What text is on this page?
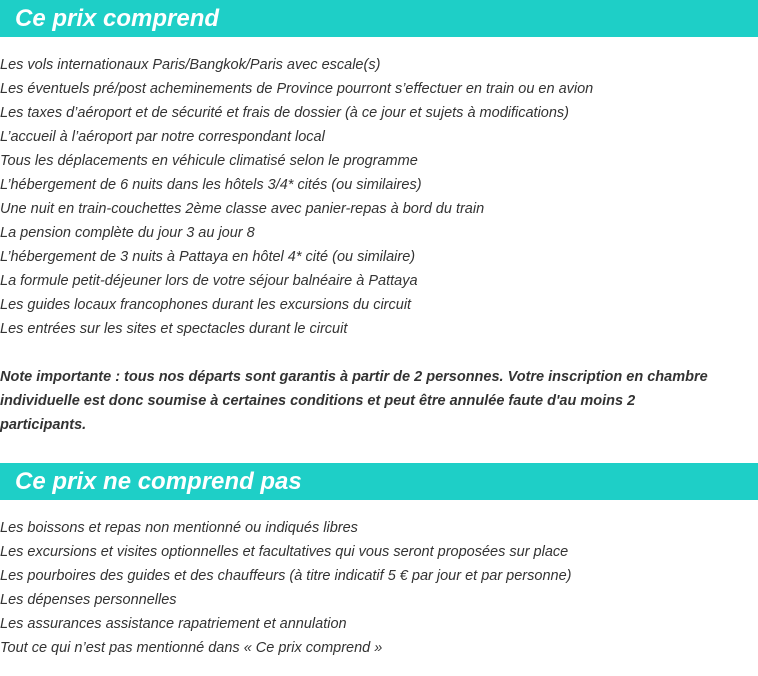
Ce prix comprend
Les vols internationaux Paris/Bangkok/Paris avec escale(s)
Les éventuels pré/post acheminements de Province pourront s’effectuer en train ou en avion
Les taxes d’aéroport et de sécurité et frais de dossier (à ce jour et sujets à modifications)
L’accueil à l’aéroport par notre correspondant local
Tous les déplacements en véhicule climatisé selon le programme
L’hébergement de 6 nuits dans les hôtels 3/4* cités (ou similaires)
Une nuit en train-couchettes 2ème classe avec panier-repas à bord du train
La pension complète du jour 3 au jour 8
L’hébergement de 3 nuits à Pattaya en hôtel 4* cité (ou similaire)
La formule petit-déjeuner lors de votre séjour balnéaire à Pattaya
Les guides locaux francophones durant les excursions du circuit
Les entrées sur les sites et spectacles durant le circuit

Note importante : tous nos départs sont garantis à partir de 2 personnes. Votre inscription en chambre
individuelle est donc soumise à certaines conditions et peut être annulée faute d'au moins 2 participants.

Ce prix ne comprend pas
Les boissons et repas non mentionné ou indiqués libres
Les excursions et visites optionnelles et facultatives qui vous seront proposées sur place
Les pourboires des guides et des chauffeurs (à titre indicatif 5 € par jour et par personne)
Les dépenses personnelles
Les assurances assistance rapatriement et annulation
Tout ce qui n’est pas mentionné dans « Ce prix comprend »
